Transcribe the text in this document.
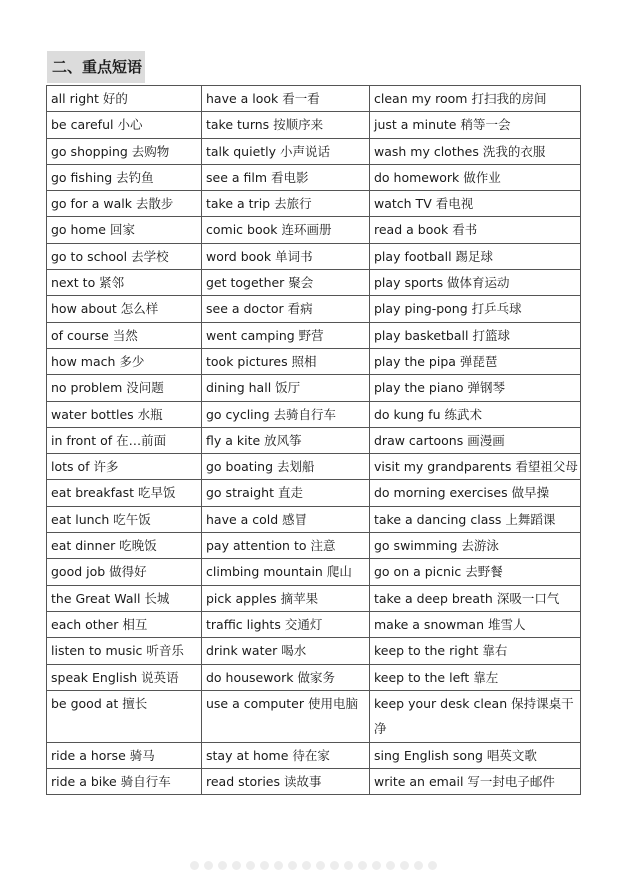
二、重点短语
all right 好的	have a look 看一看	clean my room 打扫我的房间
be careful 小心	take turns 按顺序来	just a minute 稍等一会
go shopping 去购物	talk quietly 小声说话	wash my clothes 洗我的衣服
go fishing 去钓鱼	see a film 看电影	do homework 做作业
go for a walk 去散步	take a trip 去旅行	watch TV 看电视
go home 回家	comic book 连环画册	read a book 看书
go to school 去学校	word book 单词书	play football 踢足球
next to 紧邻	get together 聚会	play sports 做体育运动
how about 怎么样	see a doctor 看病	play ping-pong 打乒乓球
of course 当然	went camping 野营	play basketball 打篮球
how mach 多少	took pictures 照相	play the pipa 弹琵琶
no problem 没问题	dining hall 饭厅	play the piano 弹钢琴
water bottles 水瓶	go cycling 去骑自行车	do kung fu 练武术
in front of 在…前面	fly a kite 放风筝	draw cartoons 画漫画
lots of 许多	go boating 去划船	visit my grandparents 看望祖父母
eat breakfast 吃早饭	go straight 直走	do morning exercises 做早操
eat lunch 吃午饭	have a cold 感冒	take a dancing class 上舞蹈课
eat dinner 吃晚饭	pay attention to 注意	go swimming 去游泳
good job 做得好	climbing mountain 爬山	go on a picnic 去野餐
the Great Wall 长城	pick apples 摘苹果	take a deep breath 深吸一口气
each other 相互	traffic lights 交通灯	make a snowman 堆雪人
listen to music 听音乐	drink water 喝水	keep to the right 靠右
speak English 说英语	do housework 做家务	keep to the left 靠左
be good at 擅长	use a computer 使用电脑	keep your desk clean 保持课桌干净
ride a horse 骑马	stay at home 待在家	sing English song 唱英文歌
ride a bike 骑自行车	read stories 读故事	write an email 写一封电子邮件
